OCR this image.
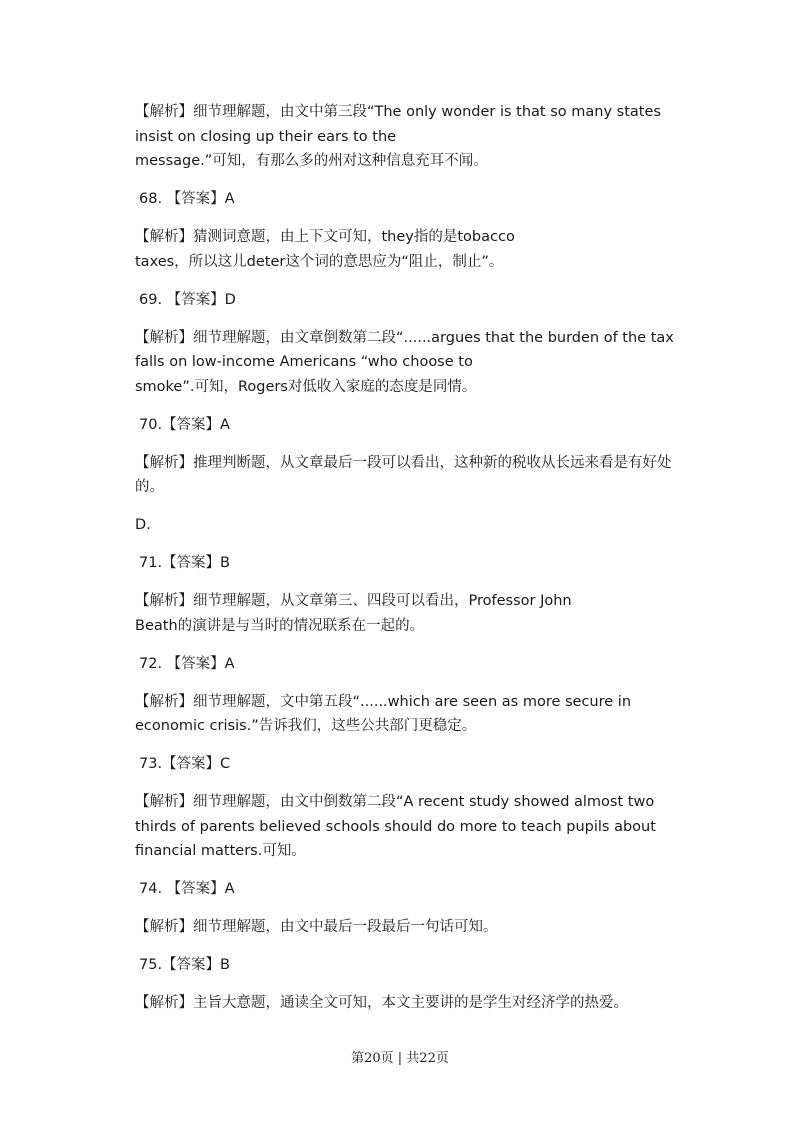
【解析】细节理解题，由文中第三段“The only wonder is that so many states
insist on closing up their ears to the
message.”可知，有那么多的州对这种信息充耳不闻。
68. 【答案】A
【解析】猜测词意题，由上下文可知，they指的是tobacco
taxes，所以这儿deter这个词的意思应为“阻止，制止”。
69. 【答案】D
【解析】细节理解题，由文章倒数第二段“......argues that the burden of the tax
falls on low-income Americans “who choose to
smoke”.可知，Rogers对低收入家庭的态度是同情。
70.【答案】A
【解析】推理判断题，从文章最后一段可以看出，这种新的税收从长远来看是有好处
的。
D.
71.【答案】B
【解析】细节理解题，从文章第三、四段可以看出，Professor John
Beath的演讲是与当时的情况联系在一起的。
72. 【答案】A
【解析】细节理解题，文中第五段“......which are seen as more secure in
economic crisis.”告诉我们，这些公共部门更稳定。
73.【答案】C
【解析】细节理解题，由文中倒数第二段“A recent study showed almost two
thirds of parents believed schools should do more to teach pupils about
financial matters.可知。
74. 【答案】A
【解析】细节理解题，由文中最后一段最后一句话可知。
75.【答案】B
【解析】主旨大意题，通读全文可知，本文主要讲的是学生对经济学的热爱。
第20页 | 共22页
